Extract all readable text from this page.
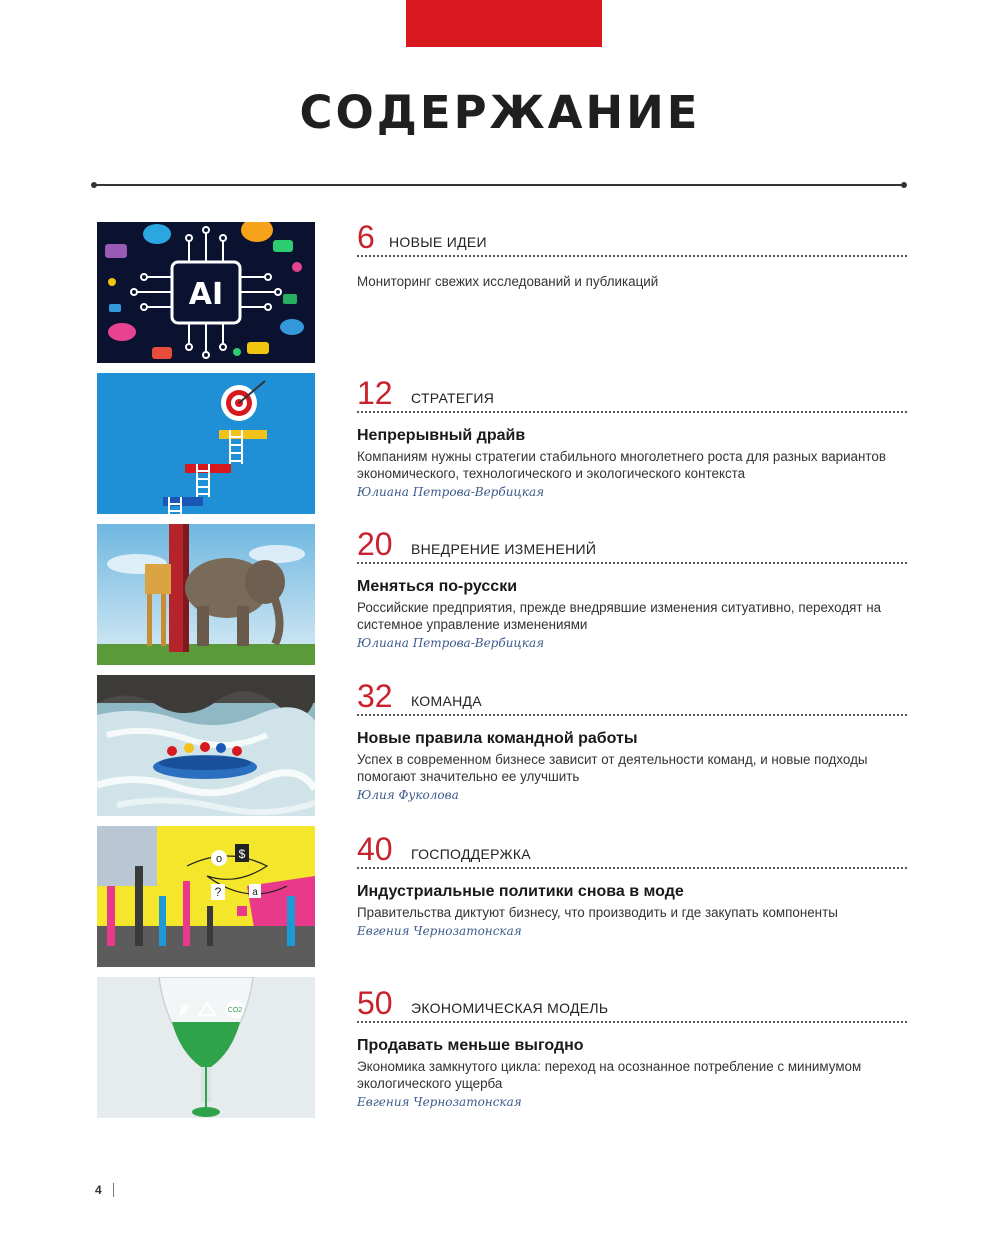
СОДЕРЖАНИЕ
AI
o $
?	a
CO2
6 НОВЫЕ ИДЕИ
Мониторинг свежих исследований и публикаций
12 СТРАТЕГИЯ
Непрерывный драйв
Компаниям нужны стратегии стабильного многолетнего роста для разных вариантов экономического, технологического и экологического контекста
Юлиана Петрова-Вербицкая
20 ВНЕДРЕНИЕ ИЗМЕНЕНИЙ
Меняться по-русски
Российские предприятия, прежде внедрявшие изменения ситуативно, переходят на системное управление изменениями
Юлиана Петрова-Вербицкая
32 КОМАНДА
Новые правила командной работы
Успех в современном бизнесе зависит от деятельности команд, и новые подходы помогают значительно ее улучшить
Юлия Фуколова
40 ГОСПОДДЕРЖКА
Индустриальные политики снова в моде
Правительства диктуют бизнесу, что производить и где закупать компоненты
Евгения Чернозатонская
50 ЭКОНОМИЧЕСКАЯ МОДЕЛЬ
Продавать меньше выгодно
Экономика замкнутого цикла: переход на осознанное потребление с минимумом экологического ущерба
Евгения Чернозатонская
4
